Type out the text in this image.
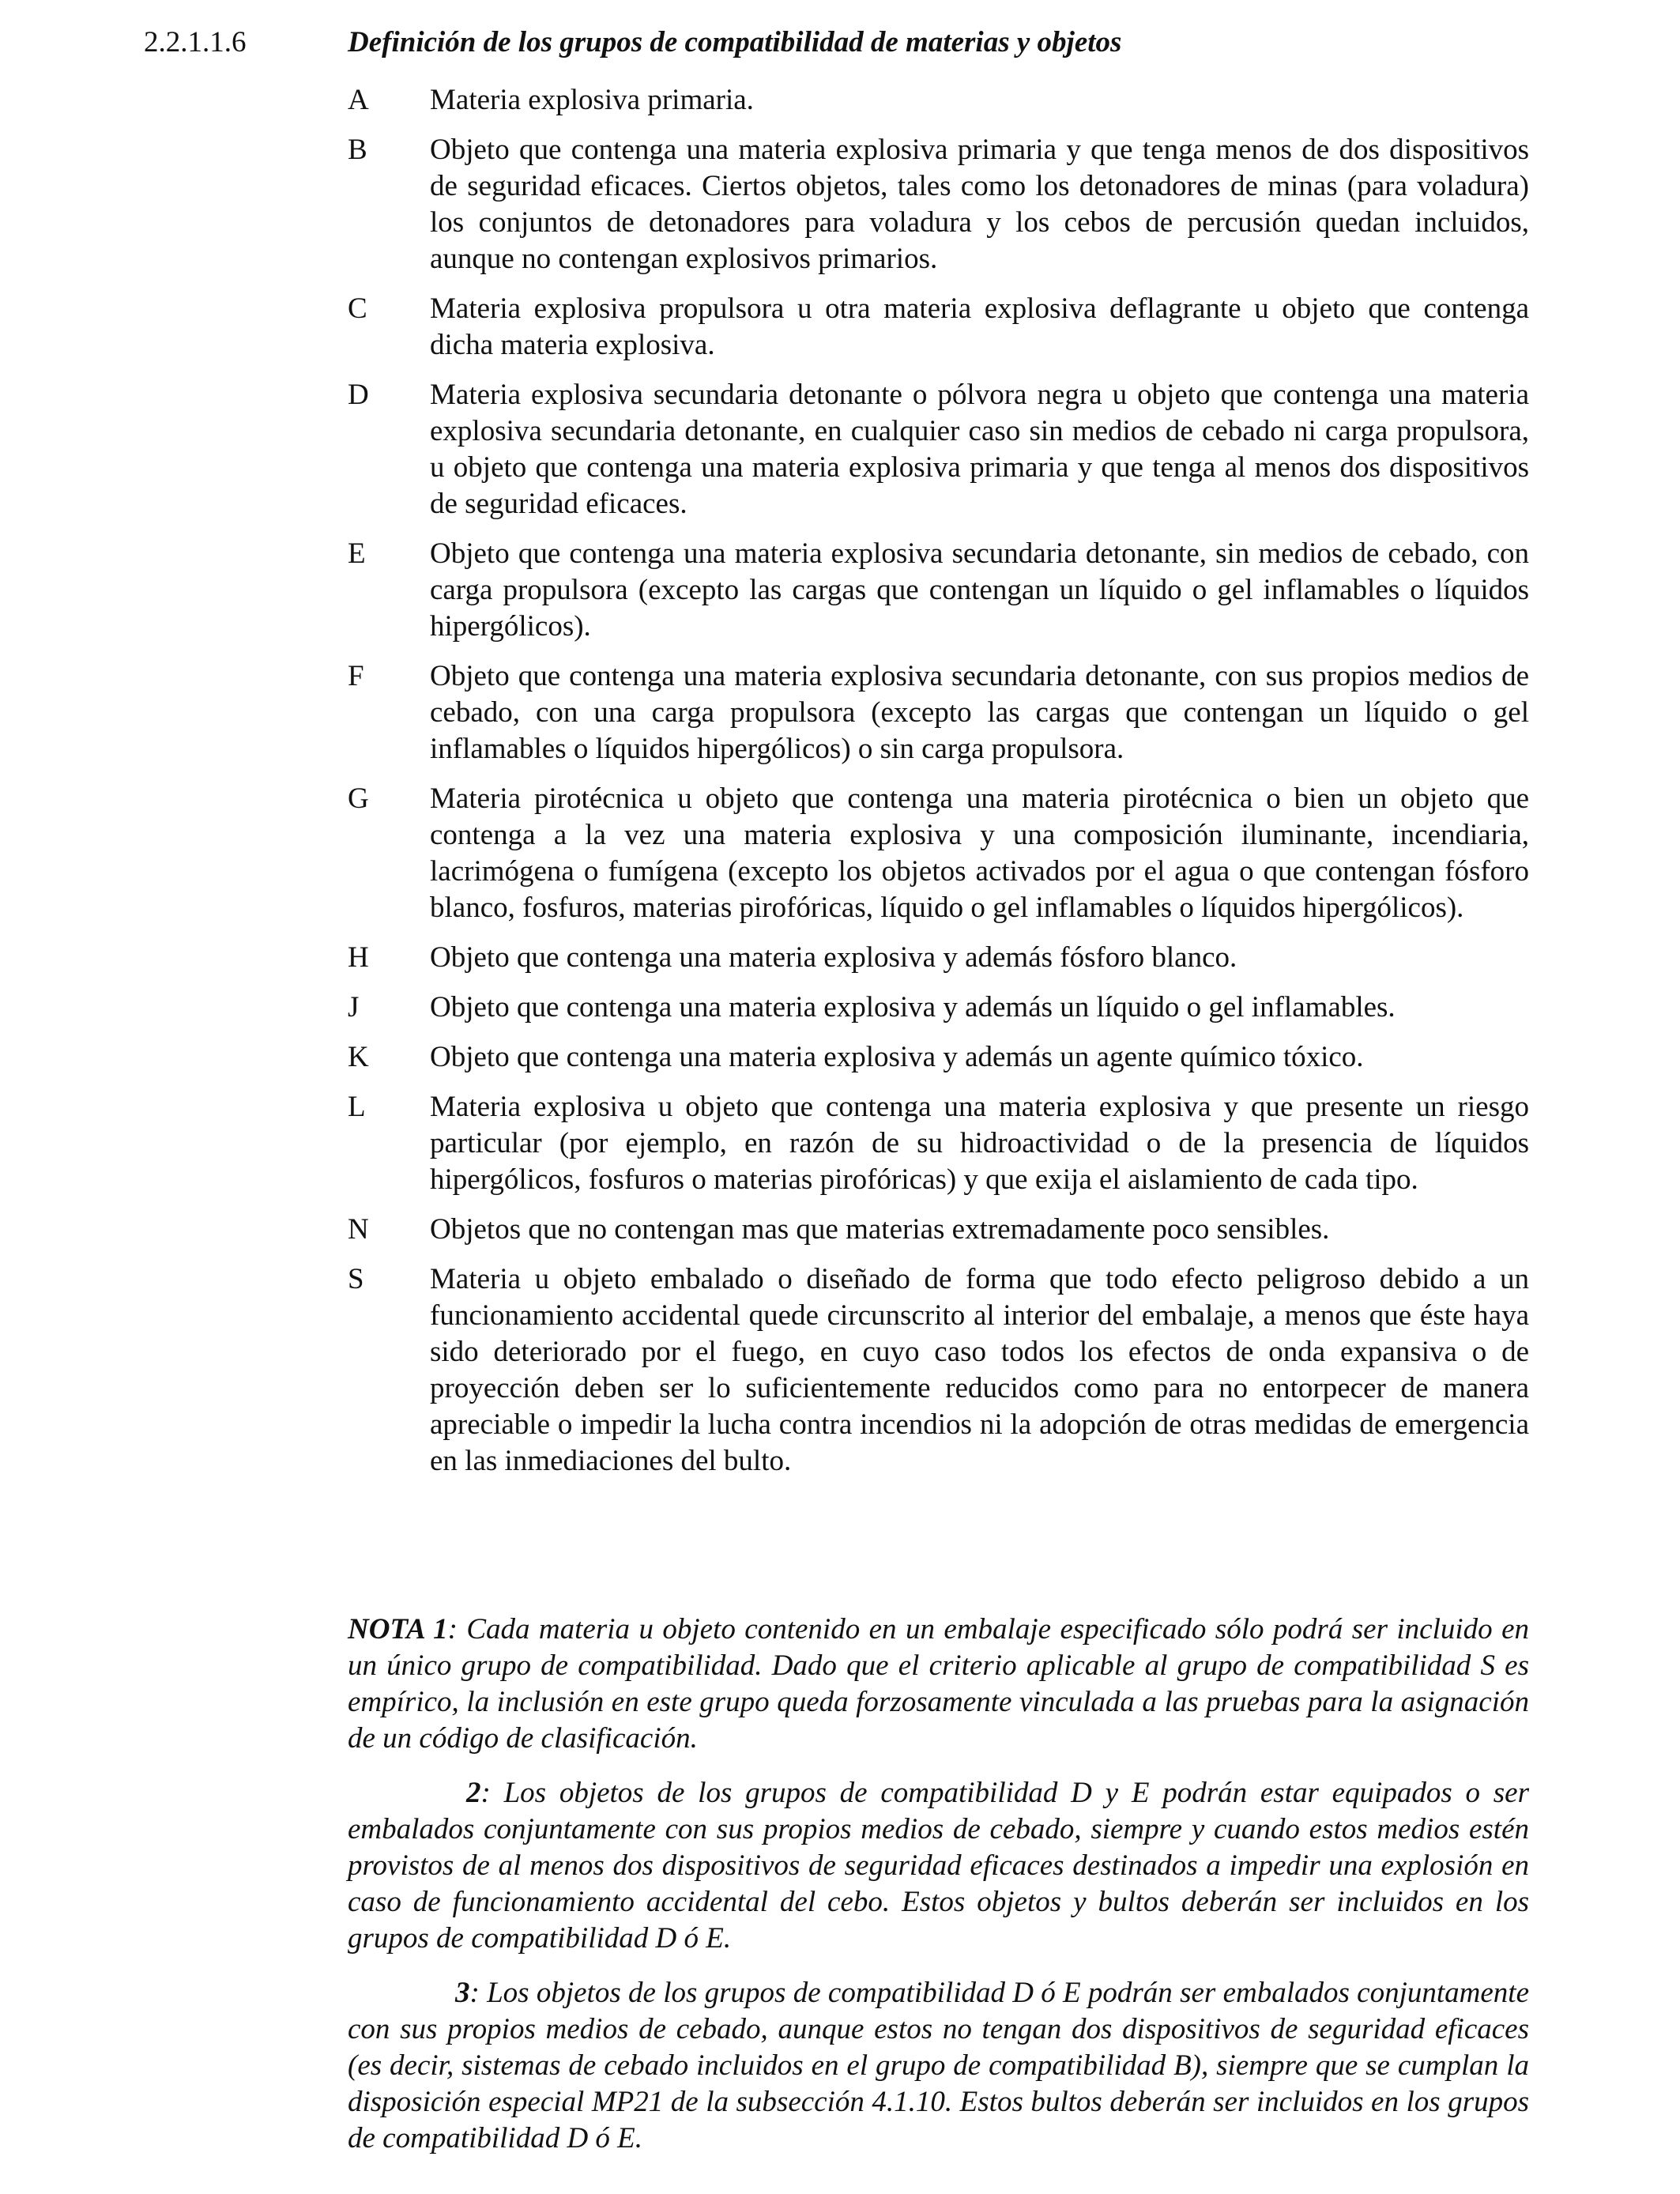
2.2.1.1.6	Definición de los grupos de compatibilidad de materias y objetos
A	Materia explosiva primaria.
B	Objeto que contenga una materia explosiva primaria y que tenga menos de dos dispositivos de seguridad eficaces. Ciertos objetos, tales como los detonadores de minas (para voladura) los conjuntos de detonadores para voladura y los cebos de percusión quedan incluidos, aunque no contengan explosivos primarios.
C	Materia explosiva propulsora u otra materia explosiva deflagrante u objeto que contenga dicha materia explosiva.
D	Materia explosiva secundaria detonante o pólvora negra u objeto que contenga una materia explosiva secundaria detonante, en cualquier caso sin medios de cebado ni carga propulsora, u objeto que contenga una materia explosiva primaria y que tenga al menos dos dispositivos de seguridad eficaces.
E	Objeto que contenga una materia explosiva secundaria detonante, sin medios de cebado, con carga propulsora (excepto las cargas que contengan un líquido o gel inflamables o líquidos hipergólicos).
F	Objeto que contenga una materia explosiva secundaria detonante, con sus propios medios de cebado, con una carga propulsora (excepto las cargas que contengan un líquido o gel inflamables o líquidos hipergólicos) o sin carga propulsora.
G	Materia pirotécnica u objeto que contenga una materia pirotécnica o bien un objeto que contenga a la vez una materia explosiva y una composición iluminante, incendiaria, lacrimógena o fumígena (excepto los objetos activados por el agua o que contengan fósforo blanco, fosfuros, materias pirofóricas, líquido o gel inflamables o líquidos hipergólicos).
H	Objeto que contenga una materia explosiva y además fósforo blanco.
J	Objeto que contenga una materia explosiva y además un líquido o gel inflamables.
K	Objeto que contenga una materia explosiva y además un agente químico tóxico.
L	Materia explosiva u objeto que contenga una materia explosiva y que presente un riesgo particular (por ejemplo, en razón de su hidroactividad o de la presencia de líquidos hipergólicos, fosfuros o materias pirofóricas) y que exija el aislamiento de cada tipo.
N	Objetos que no contengan mas que materias extremadamente poco sensibles.
S	Materia u objeto embalado o diseñado de forma que todo efecto peligroso debido a un funcionamiento accidental quede circunscrito al interior del embalaje, a menos que éste haya sido deteriorado por el fuego, en cuyo caso todos los efectos de onda expansiva o de proyección deben ser lo suficientemente reducidos como para no entorpecer de manera apreciable o impedir la lucha contra incendios ni la adopción de otras medidas de emergencia en las inmediaciones del bulto.

NOTA 1: Cada materia u objeto contenido en un embalaje especificado sólo podrá ser incluido en un único grupo de compatibilidad. Dado que el criterio aplicable al grupo de compatibilidad S es empírico, la inclusión en este grupo queda forzosamente vinculada a las pruebas para la asignación de un código de clasificación.

2: Los objetos de los grupos de compatibilidad D y E podrán estar equipados o ser embalados conjuntamente con sus propios medios de cebado, siempre y cuando estos medios estén provistos de al menos dos dispositivos de seguridad eficaces destinados a impedir una explosión en caso de funcionamiento accidental del cebo. Estos objetos y bultos deberán ser incluidos en los grupos de compatibilidad D ó E.

3: Los objetos de los grupos de compatibilidad D ó E podrán ser embalados conjuntamente con sus propios medios de cebado, aunque estos no tengan dos dispositivos de seguridad eficaces (es decir, sistemas de cebado incluidos en el grupo de compatibilidad B), siempre que se cumplan la disposición especial MP21 de la subsección 4.1.10. Estos bultos deberán ser incluidos en los grupos de compatibilidad D ó E.
